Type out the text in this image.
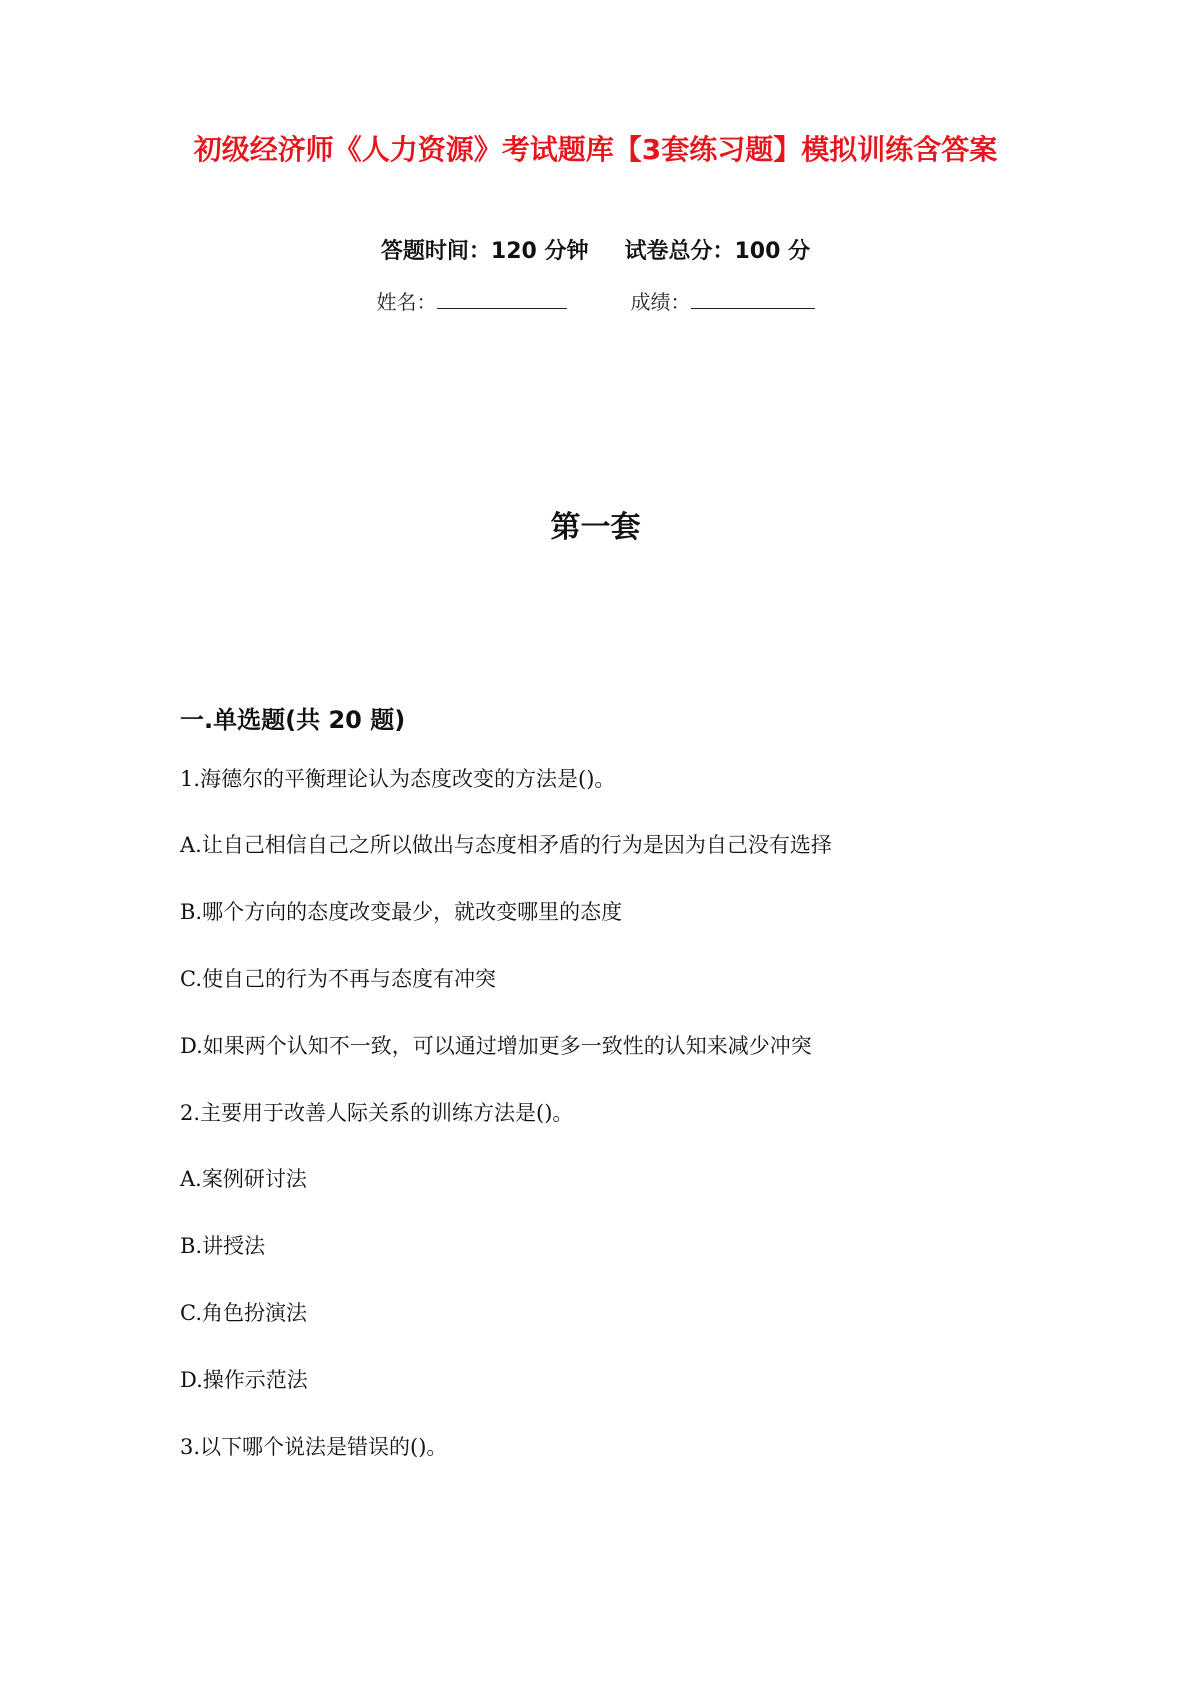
初级经济师《人力资源》考试题库【3套练习题】模拟训练含答案
答题时间：120 分钟 试卷总分：100 分
姓名：	成绩：
第一套
一.单选题(共 20 题)
1.海德尔的平衡理论认为态度改变的方法是()。
A.让自己相信自己之所以做出与态度相矛盾的行为是因为自己没有选择
B.哪个方向的态度改变最少，就改变哪里的态度
C.使自己的行为不再与态度有冲突
D.如果两个认知不一致，可以通过增加更多一致性的认知来减少冲突
2.主要用于改善人际关系的训练方法是()。
A.案例研讨法
B.讲授法
C.角色扮演法
D.操作示范法
3.以下哪个说法是错误的()。
